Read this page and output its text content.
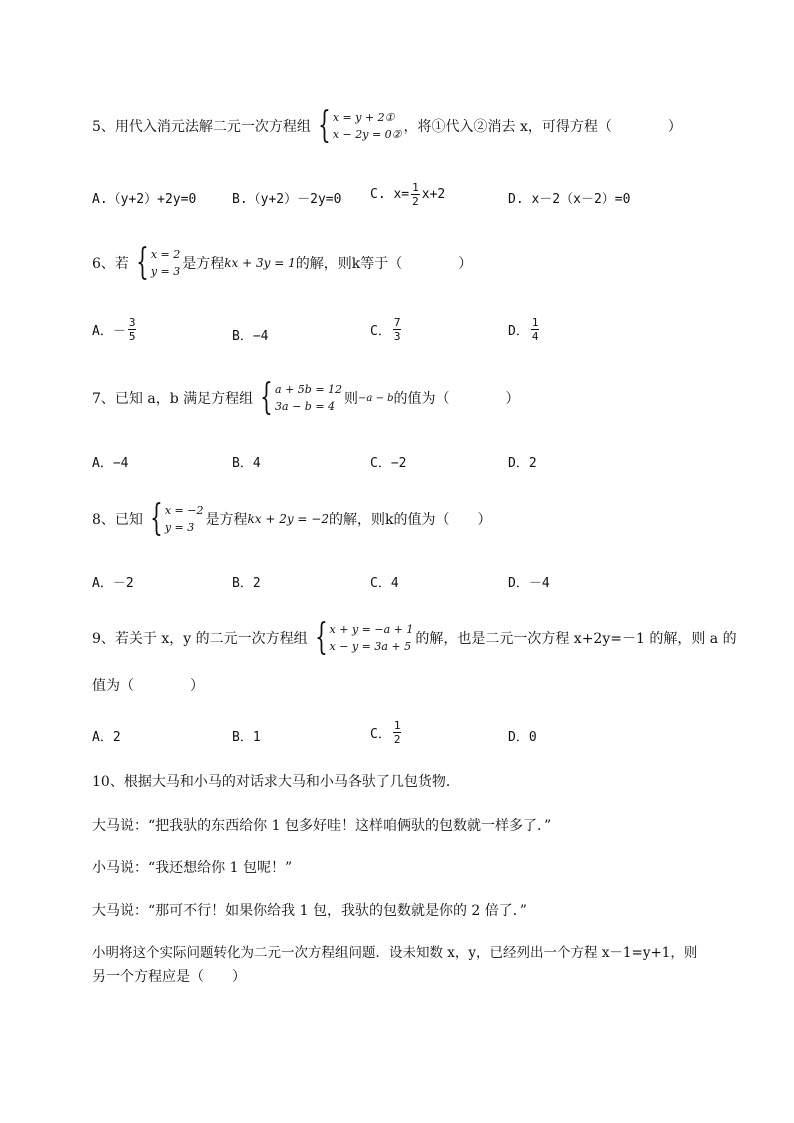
5、用代入消元法解二元一次方程组 { x = y + 2①
x − 2y = 0② ，将①代入②消去 x，可得方程（　　　　）
A.（y+2）+2y=0	B.（y+2）－2y=0 C. $x= \frac{1}{2} x+2$	D. x－2（x－2）=0
6、若 { x = 2
y = 3 是方程 kx + 3y = 1 的解，则k等于（　　　　）
A．－ $\frac{3}{5}$	B．−4	C． $\frac{7}{3}$	D． $\frac{1}{4}$
7、已知 a，b 满足方程组 { a + 5b = 12
3a − b = 4 则 −a − b 的值为（　　　　）
A．−4	B．4	C．−2	D．2
8、已知 { x = −2
y = 3 是方程 kx + 2y = −2 的解，则k的值为（　　）
A．－2	B．2	C．4	D．－4
9、若关于 x，y 的二元一次方程组 { x + y = −a + 1
x − y = 3a + 5 的解，也是二元一次方程 x+2y=－1 的解，则 a 的
值为（　　　　）
A．2	B．1	C． $\frac{1}{2}$	D．0
10、根据大马和小马的对话求大马和小马各驮了几包货物．
大马说：“把我驮的东西给你 1 包多好哇！这样咱俩驮的包数就一样多了．”
小马说：“我还想给你 1 包呢！”
大马说：“那可不行！如果你给我 1 包，我驮的包数就是你的 2 倍了．”
小明将这个实际问题转化为二元一次方程组问题．设未知数 x，y，已经列出一个方程 x－1=y+1，则
另一个方程应是（　　）
